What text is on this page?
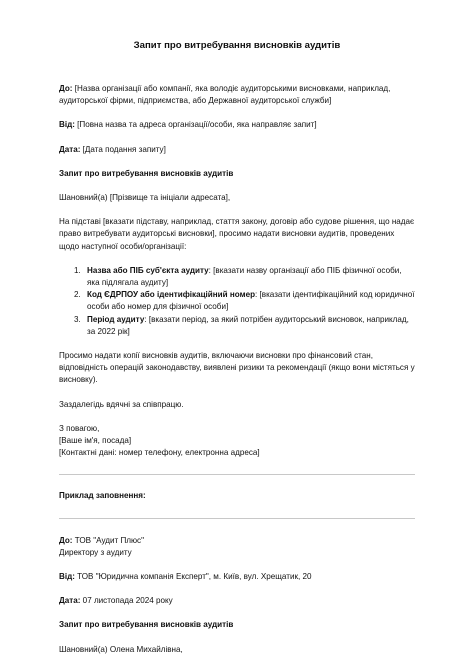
Запит про витребування висновків аудитів

До: [Назва організації або компанії, яка володіє аудиторськими висновками, наприклад, аудиторської фірми, підприємства, або Державної аудиторської служби]

Від: [Повна назва та адреса організації/особи, яка направляє запит]

Дата: [Дата подання запиту]

Запит про витребування висновків аудитів

Шановний(а) [Прізвище та ініціали адресата],

На підставі [вказати підставу, наприклад, стаття закону, договір або судове рішення, що надає право витребувати аудиторські висновки], просимо надати висновки аудитів, проведених щодо наступної особи/організації:

1. Назва або ПІБ суб'єкта аудиту: [вказати назву організації або ПІБ фізичної особи, яка підлягала аудиту]
2. Код ЄДРПОУ або ідентифікаційний номер: [вказати ідентифікаційний код юридичної особи або номер для фізичної особи]
3. Період аудиту: [вказати період, за який потрібен аудиторський висновок, наприклад, за 2022 рік]

Просимо надати копії висновків аудитів, включаючи висновки про фінансовий стан, відповідність операцій законодавству, виявлені ризики та рекомендації (якщо вони містяться у висновку).

Заздалегідь вдячні за співпрацю.

З повагою,

[Ваше ім'я, посада]

[Контактні дані: номер телефону, електронна адреса]

Приклад заповнення:

До: ТОВ "Аудит Плюс"

Директору з аудиту

Від: ТОВ "Юридична компанія Експерт", м. Київ, вул. Хрещатик, 20

Дата: 07 листопада 2024 року

Запит про витребування висновків аудитів

Шановний(а) Олена Михайлівна,
